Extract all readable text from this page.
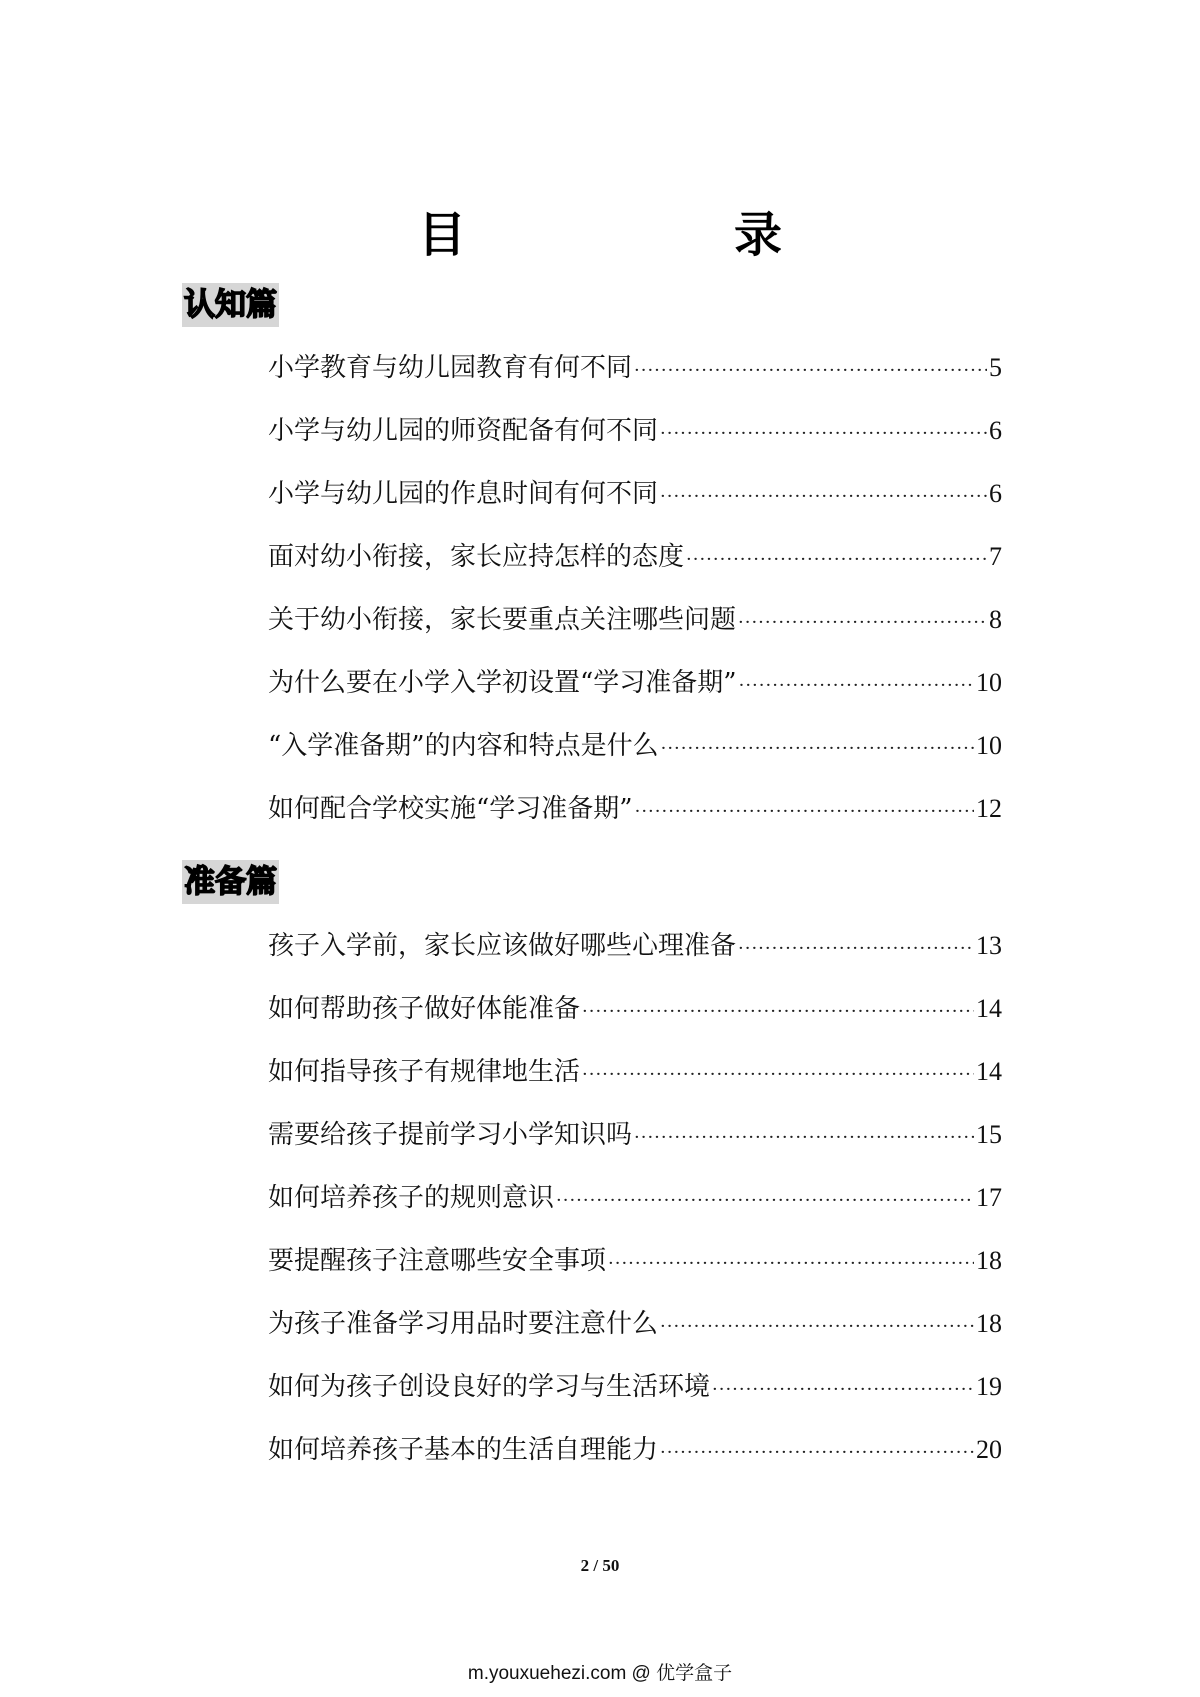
目　录
认知篇
小学教育与幼儿园教育有何不同 ·····	5
小学与幼儿园的师资配备有何不同 ·····	6
小学与幼儿园的作息时间有何不同 ·····	6
面对幼小衔接，家长应持怎样的态度 ·····	7
关于幼小衔接，家长要重点关注哪些问题 ·····	8
为什么要在小学入学初设置“学习准备期” ·····	10
“入学准备期”的内容和特点是什么 ·····	10
如何配合学校实施“学习准备期” ·····	12
准备篇
孩子入学前，家长应该做好哪些心理准备 ·····	13
如何帮助孩子做好体能准备 ·····	14
如何指导孩子有规律地生活 ·····	14
需要给孩子提前学习小学知识吗 ·····	15
如何培养孩子的规则意识 ·····	17
要提醒孩子注意哪些安全事项 ·····	18
为孩子准备学习用品时要注意什么 ·····	18
如何为孩子创设良好的学习与生活环境 ·····	19
如何培养孩子基本的生活自理能力 ·····	20
2 / 50
m.youxuehezi.com @ 优学盒子
